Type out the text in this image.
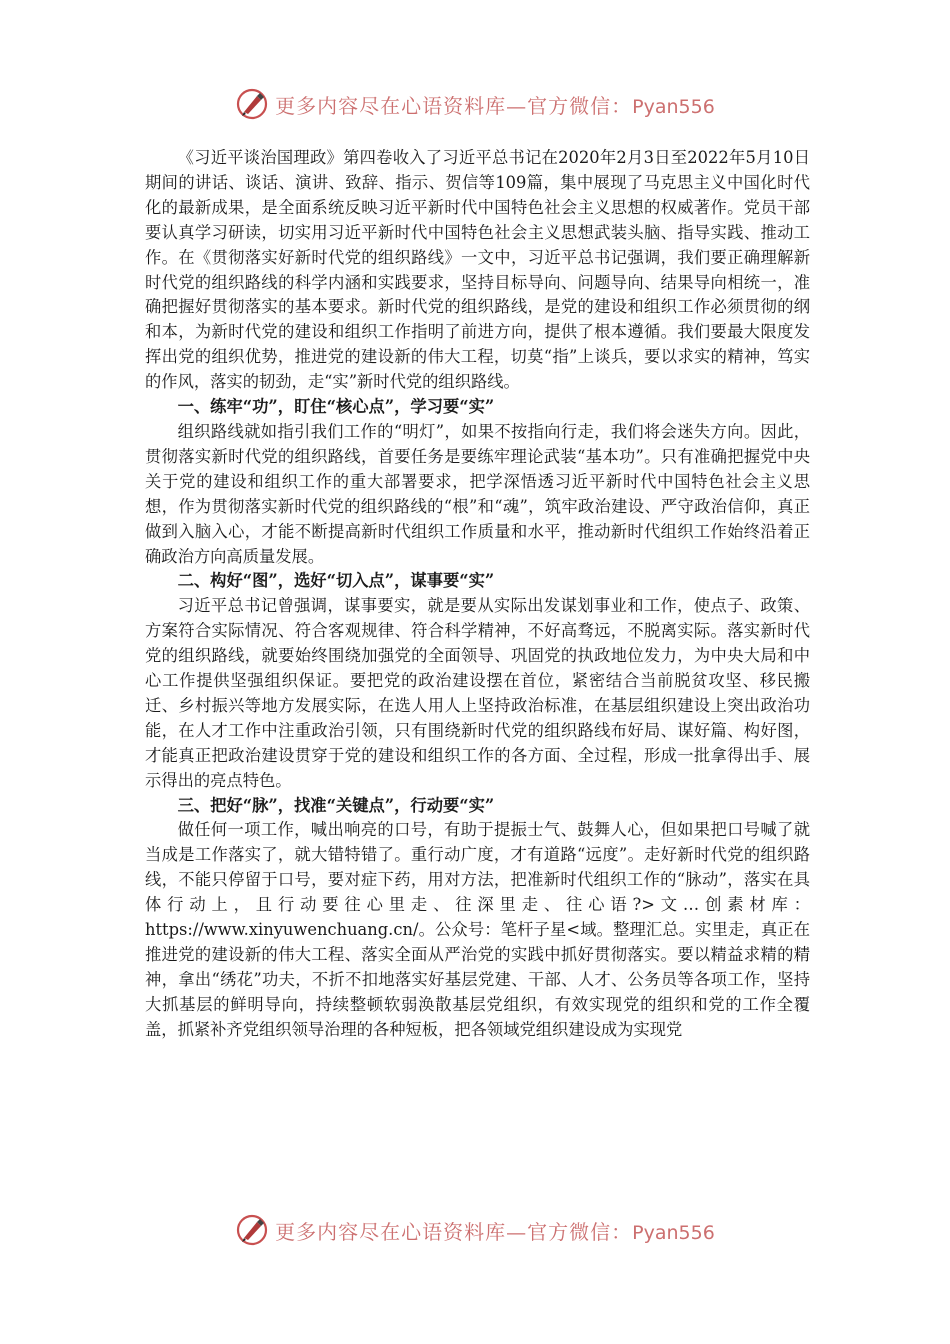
更多内容尽在心语资料库—官方微信：Pyan556

《习近平谈治国理政》第四卷收入了习近平总书记在2020年2月3日至2022年5月10日期间的讲话、谈话、演讲、致辞、指示、贺信等109篇，集中展现了马克思主义中国化时代化的最新成果，是全面系统反映习近平新时代中国特色社会主义思想的权威著作。党员干部要认真学习研读，切实用习近平新时代中国特色社会主义思想武装头脑、指导实践、推动工作。在《贯彻落实好新时代党的组织路线》一文中，习近平总书记强调，我们要正确理解新时代党的组织路线的科学内涵和实践要求，坚持目标导向、问题导向、结果导向相统一，准确把握好贯彻落实的基本要求。新时代党的组织路线，是党的建设和组织工作必须贯彻的纲和本，为新时代党的建设和组织工作指明了前进方向，提供了根本遵循。我们要最大限度发挥出党的组织优势，推进党的建设新的伟大工程，切莫“指”上谈兵，要以求实的精神，笃实的作风，落实的韧劲，走“实”新时代党的组织路线。

一、练牢“功”，盯住“核心点”，学习要“实”

组织路线就如指引我们工作的“明灯”，如果不按指向行走，我们将会迷失方向。因此，贯彻落实新时代党的组织路线，首要任务是要练牢理论武装“基本功”。只有准确把握党中央关于党的建设和组织工作的重大部署要求，把学深悟透习近平新时代中国特色社会主义思想，作为贯彻落实新时代党的组织路线的“根”和“魂”，筑牢政治建设、严守政治信仰，真正做到入脑入心，才能不断提高新时代组织工作质量和水平，推动新时代组织工作始终沿着正确政治方向高质量发展。

二、构好“图”，选好“切入点”，谋事要“实”

习近平总书记曾强调，谋事要实，就是要从实际出发谋划事业和工作，使点子、政策、方案符合实际情况、符合客观规律、符合科学精神，不好高骛远，不脱离实际。落实新时代党的组织路线，就要始终围绕加强党的全面领导、巩固党的执政地位发力，为中央大局和中心工作提供坚强组织保证。要把党的政治建设摆在首位，紧密结合当前脱贫攻坚、移民搬迁、乡村振兴等地方发展实际，在选人用人上坚持政治标准，在基层组织建设上突出政治功能，在人才工作中注重政治引领，只有围绕新时代党的组织路线布好局、谋好篇、构好图，才能真正把政治建设贯穿于党的建设和组织工作的各方面、全过程，形成一批拿得出手、展示得出的亮点特色。

三、把好“脉”，找准“关键点”，行动要“实”

做任何一项工作，喊出响亮的口号，有助于提振士气、鼓舞人心，但如果把口号喊了就当成是工作落实了，就大错特错了。重行动广度，才有道路“远度”。走好新时代党的组织路线，不能只停留于口号，要对症下药，用对方法，把准新时代组织工作的“脉动”，落实在具体行动上，且行动要往心里走、往深里走、往心语?>文…创素材库：https://www.xinyuwenchuang.cn/。公众号：笔杆子星<域。整理汇总。实里走，真正在推进党的建设新的伟大工程、落实全面从严治党的实践中抓好贯彻落实。要以精益求精的精神，拿出“绣花”功夫，不折不扣地落实好基层党建、干部、人才、公务员等各项工作，坚持大抓基层的鲜明导向，持续整顿软弱涣散基层党组织，有效实现党的组织和党的工作全覆盖，抓紧补齐党组织领导治理的各种短板，把各领域党组织建设成为实现党

更多内容尽在心语资料库—官方微信：Pyan556
